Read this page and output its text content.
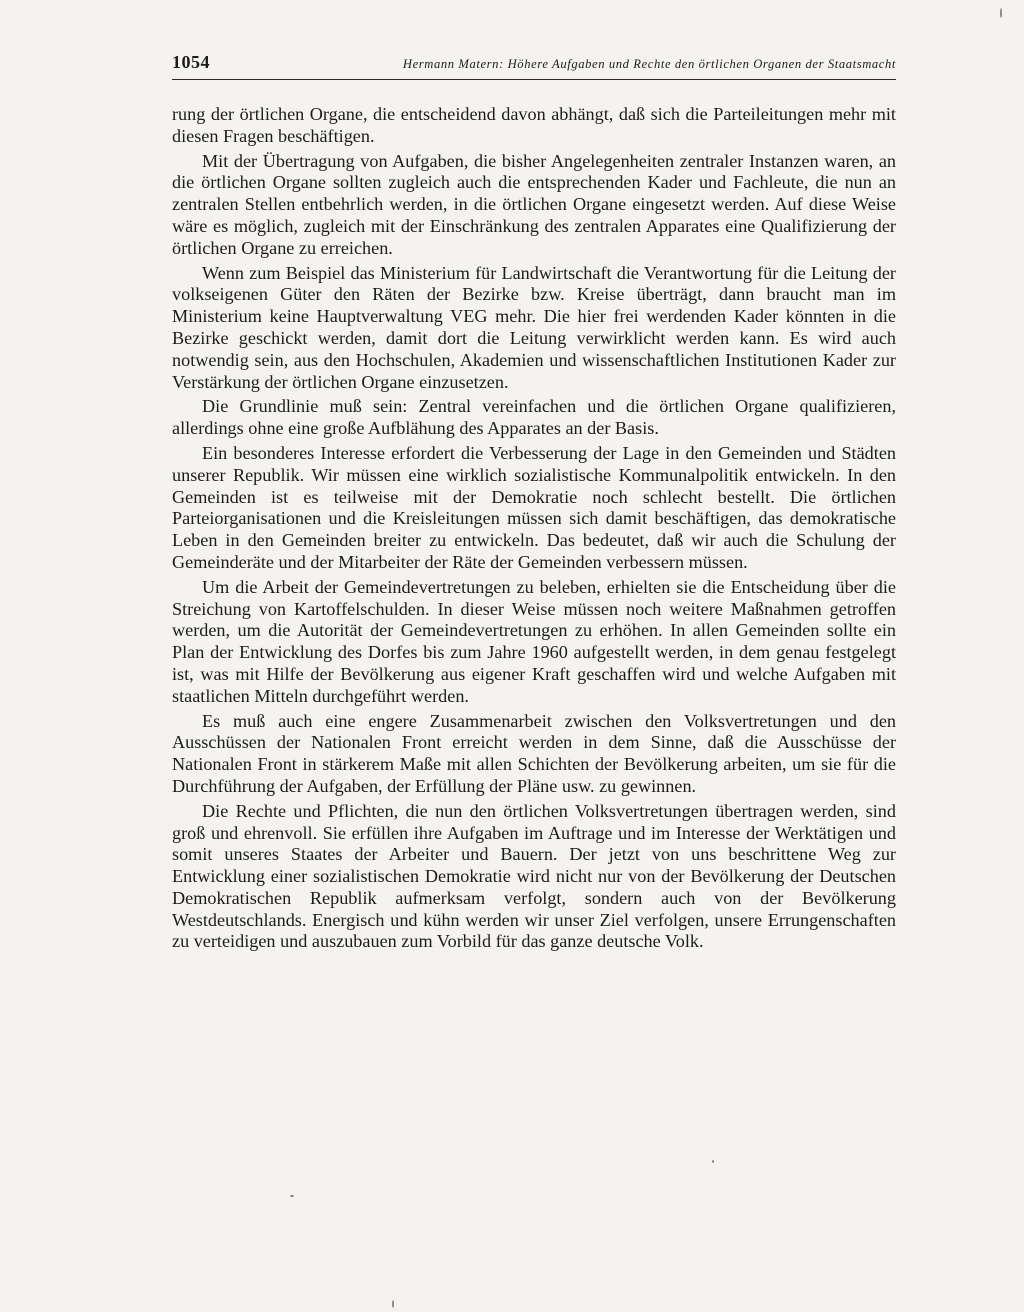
1054	Hermann Matern: Höhere Aufgaben und Rechte den örtlichen Organen der Staatsmacht

rung der örtlichen Organe, die entscheidend davon abhängt, daß sich die Parteileitungen mehr mit diesen Fragen beschäftigen.

Mit der Übertragung von Aufgaben, die bisher Angelegenheiten zentraler Instanzen waren, an die örtlichen Organe sollten zugleich auch die entsprechenden Kader und Fachleute, die nun an zentralen Stellen entbehrlich werden, in die örtlichen Organe eingesetzt werden. Auf diese Weise wäre es möglich, zugleich mit der Einschränkung des zentralen Apparates eine Qualifizierung der örtlichen Organe zu erreichen.

Wenn zum Beispiel das Ministerium für Landwirtschaft die Verantwortung für die Leitung der volkseigenen Güter den Räten der Bezirke bzw. Kreise überträgt, dann braucht man im Ministerium keine Hauptverwaltung VEG mehr. Die hier frei werdenden Kader könnten in die Bezirke geschickt werden, damit dort die Leitung verwirklicht werden kann. Es wird auch notwendig sein, aus den Hochschulen, Akademien und wissenschaftlichen Institutionen Kader zur Verstärkung der örtlichen Organe einzusetzen.

Die Grundlinie muß sein: Zentral vereinfachen und die örtlichen Organe qualifizieren, allerdings ohne eine große Aufblähung des Apparates an der Basis.

Ein besonderes Interesse erfordert die Verbesserung der Lage in den Gemeinden und Städten unserer Republik. Wir müssen eine wirklich sozialistische Kommunalpolitik entwickeln. In den Gemeinden ist es teilweise mit der Demokratie noch schlecht bestellt. Die örtlichen Parteiorganisationen und die Kreisleitungen müssen sich damit beschäftigen, das demokratische Leben in den Gemeinden breiter zu entwickeln. Das bedeutet, daß wir auch die Schulung der Gemeinderäte und der Mitarbeiter der Räte der Gemeinden verbessern müssen.

Um die Arbeit der Gemeindevertretungen zu beleben, erhielten sie die Entscheidung über die Streichung von Kartoffelschulden. In dieser Weise müssen noch weitere Maßnahmen getroffen werden, um die Autorität der Gemeindevertretungen zu erhöhen. In allen Gemeinden sollte ein Plan der Entwicklung des Dorfes bis zum Jahre 1960 aufgestellt werden, in dem genau festgelegt ist, was mit Hilfe der Bevölkerung aus eigener Kraft geschaffen wird und welche Aufgaben mit staatlichen Mitteln durchgeführt werden.

Es muß auch eine engere Zusammenarbeit zwischen den Volksvertretungen und den Ausschüssen der Nationalen Front erreicht werden in dem Sinne, daß die Ausschüsse der Nationalen Front in stärkerem Maße mit allen Schichten der Bevölkerung arbeiten, um sie für die Durchführung der Aufgaben, der Erfüllung der Pläne usw. zu gewinnen.

Die Rechte und Pflichten, die nun den örtlichen Volksvertretungen übertragen werden, sind groß und ehrenvoll. Sie erfüllen ihre Aufgaben im Auftrage und im Interesse der Werktätigen und somit unseres Staates der Arbeiter und Bauern. Der jetzt von uns beschrittene Weg zur Entwicklung einer sozialistischen Demokratie wird nicht nur von der Bevölkerung der Deutschen Demokratischen Republik aufmerksam verfolgt, sondern auch von der Bevölkerung Westdeutschlands. Energisch und kühn werden wir unser Ziel verfolgen, unsere Errungenschaften zu verteidigen und auszubauen zum Vorbild für das ganze deutsche Volk.
